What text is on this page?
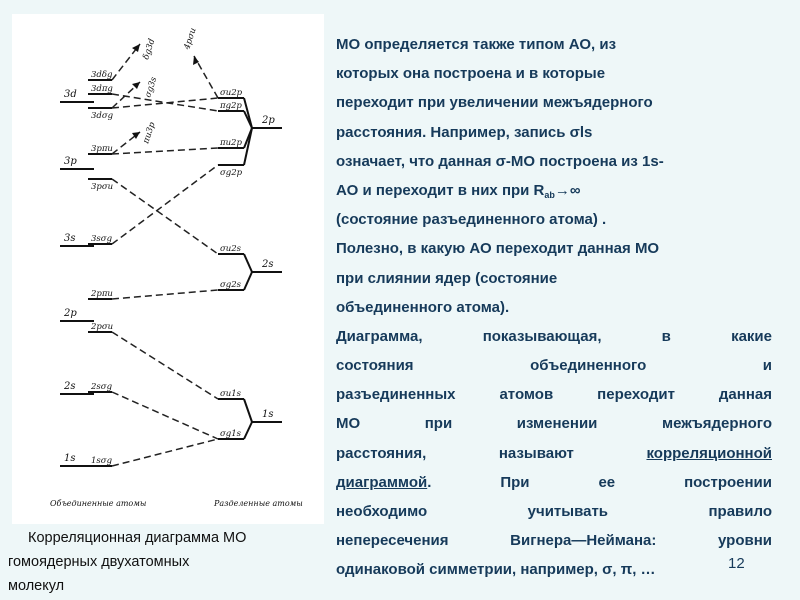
3d
3p
3s
2p
2s
1s
3dδg
3dπg
3dσg
3pπu
3pσu
3sσg
2pπu
2pσu
2sσg
1sσg
σu2p
πg2p
πu2p
σg2p
σu2s
σg2s
σu1s
σg1s
2p
2s
1s
δg3d
σg3s
πu3p
4pσu
Объединенные атомы	Разделенные атомы
Корреляционная диаграмма МО
гомоядерных двухатомных
молекул
МО определяется также типом АО, из
которых она построена и в которые
переходит при увеличении межъядерного
расстояния. Например, запись σls
означает, что данная σ-МО построена из 1s-
АО и переходит в них при $R_{ab}\to\infty$
(состояние разъединенного атома) .
Полезно, в какую АО переходит данная МО
при слиянии ядер (состояние
объединенного атома).
Диаграмма, показывающая, в какие
состояния объединенного и
разъединенных атомов переходит данная
МО при изменении межъядерного
расстояния, называют корреляционной
диаграммой. При ее построении
необходимо учитывать правило
непересечения Вигнера—Неймана: уровни
одинаковой симметрии, например, σ, π, …	12
